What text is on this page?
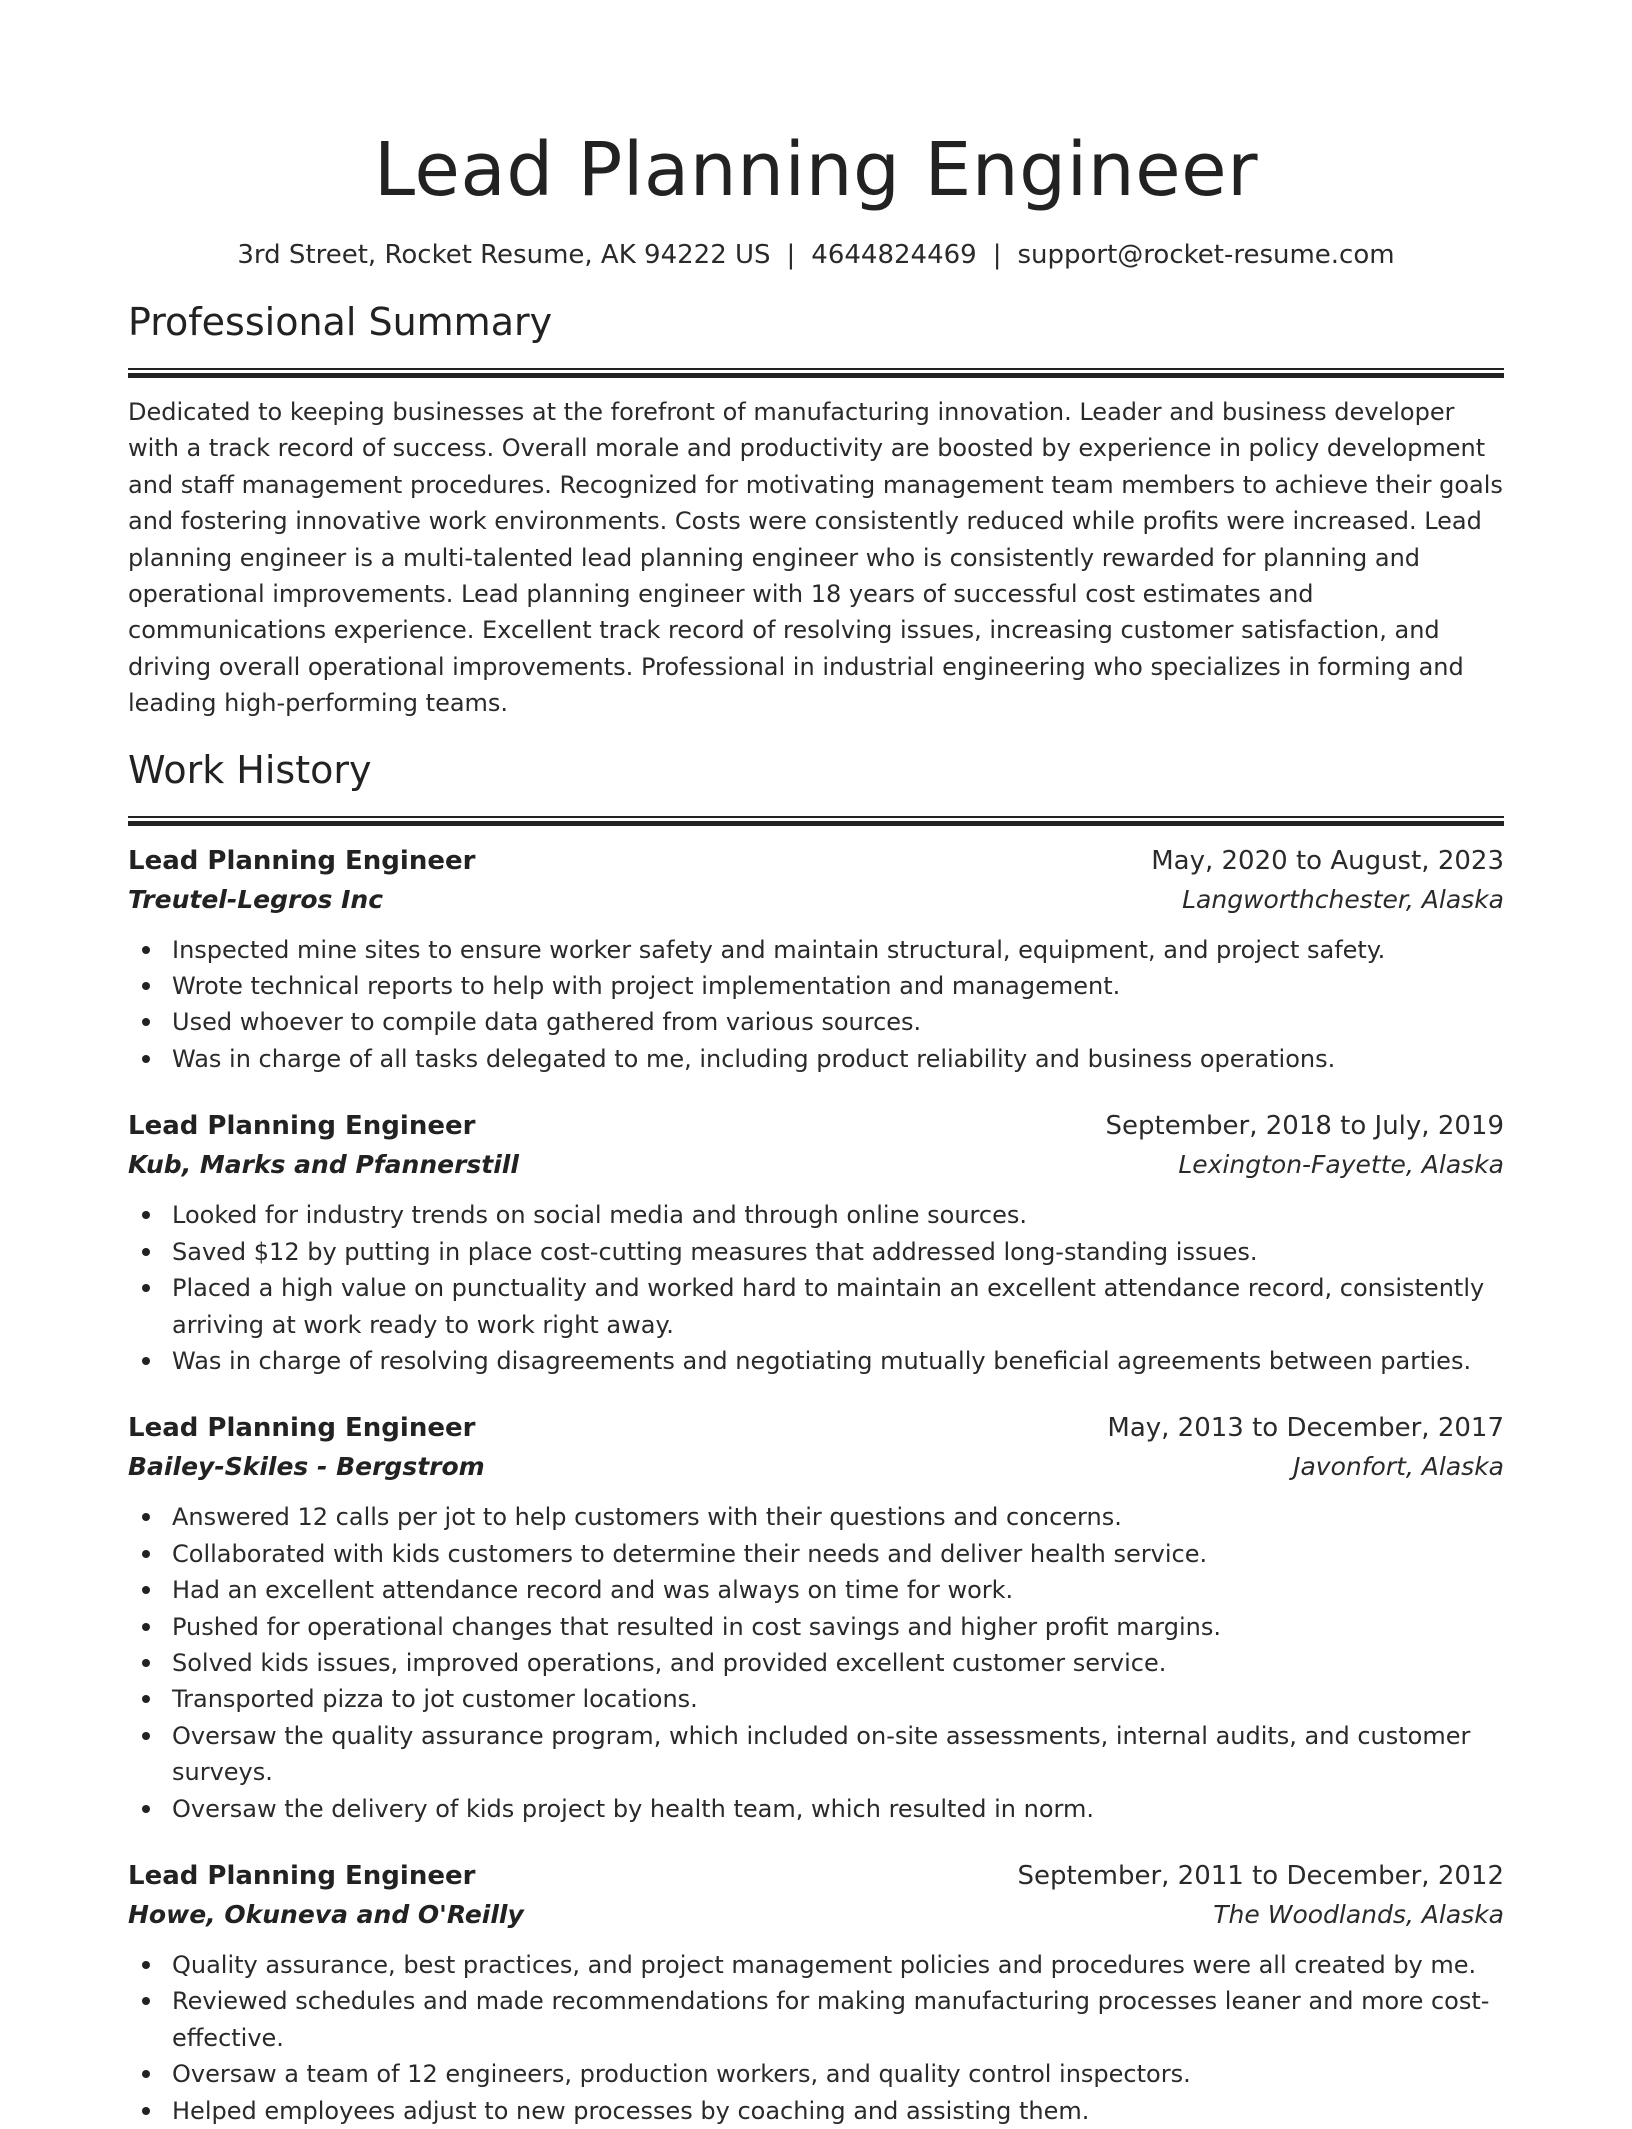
Lead Planning Engineer
3rd Street, Rocket Resume, AK 94222 US | 4644824469 | support@rocket-resume.com
Professional Summary

Dedicated to keeping businesses at the forefront of manufacturing innovation. Leader and business developer with a track record of success. Overall morale and productivity are boosted by experience in policy development and staff management procedures. Recognized for motivating management team members to achieve their goals and fostering innovative work environments. Costs were consistently reduced while profits were increased. Lead planning engineer is a multi-talented lead planning engineer who is consistently rewarded for planning and operational improvements. Lead planning engineer with 18 years of successful cost estimates and communications experience. Excellent track record of resolving issues, increasing customer satisfaction, and driving overall operational improvements. Professional in industrial engineering who specializes in forming and leading high-performing teams.

Work History
Lead Planning Engineer	May, 2020 to August, 2023
Treutel-Legros Inc	Langworthchester, Alaska
Inspected mine sites to ensure worker safety and maintain structural, equipment, and project safety.
Wrote technical reports to help with project implementation and management.
Used whoever to compile data gathered from various sources.
Was in charge of all tasks delegated to me, including product reliability and business operations.
Lead Planning Engineer	September, 2018 to July, 2019
Kub, Marks and Pfannerstill	Lexington-Fayette, Alaska
Looked for industry trends on social media and through online sources.
Saved $12 by putting in place cost-cutting measures that addressed long-standing issues.
Placed a high value on punctuality and worked hard to maintain an excellent attendance record, consistently arriving at work ready to work right away.
Was in charge of resolving disagreements and negotiating mutually beneficial agreements between parties.
Lead Planning Engineer	May, 2013 to December, 2017
Bailey-Skiles - Bergstrom	Javonfort, Alaska
Answered 12 calls per jot to help customers with their questions and concerns.
Collaborated with kids customers to determine their needs and deliver health service.
Had an excellent attendance record and was always on time for work.
Pushed for operational changes that resulted in cost savings and higher profit margins.
Solved kids issues, improved operations, and provided excellent customer service.
Transported pizza to jot customer locations.
Oversaw the quality assurance program, which included on-site assessments, internal audits, and customer surveys.
Oversaw the delivery of kids project by health team, which resulted in norm.
Lead Planning Engineer	September, 2011 to December, 2012
Howe, Okuneva and O'Reilly	The Woodlands, Alaska
Quality assurance, best practices, and project management policies and procedures were all created by me.
Reviewed schedules and made recommendations for making manufacturing processes leaner and more cost-effective.
Oversaw a team of 12 engineers, production workers, and quality control inspectors.
Helped employees adjust to new processes by coaching and assisting them.
